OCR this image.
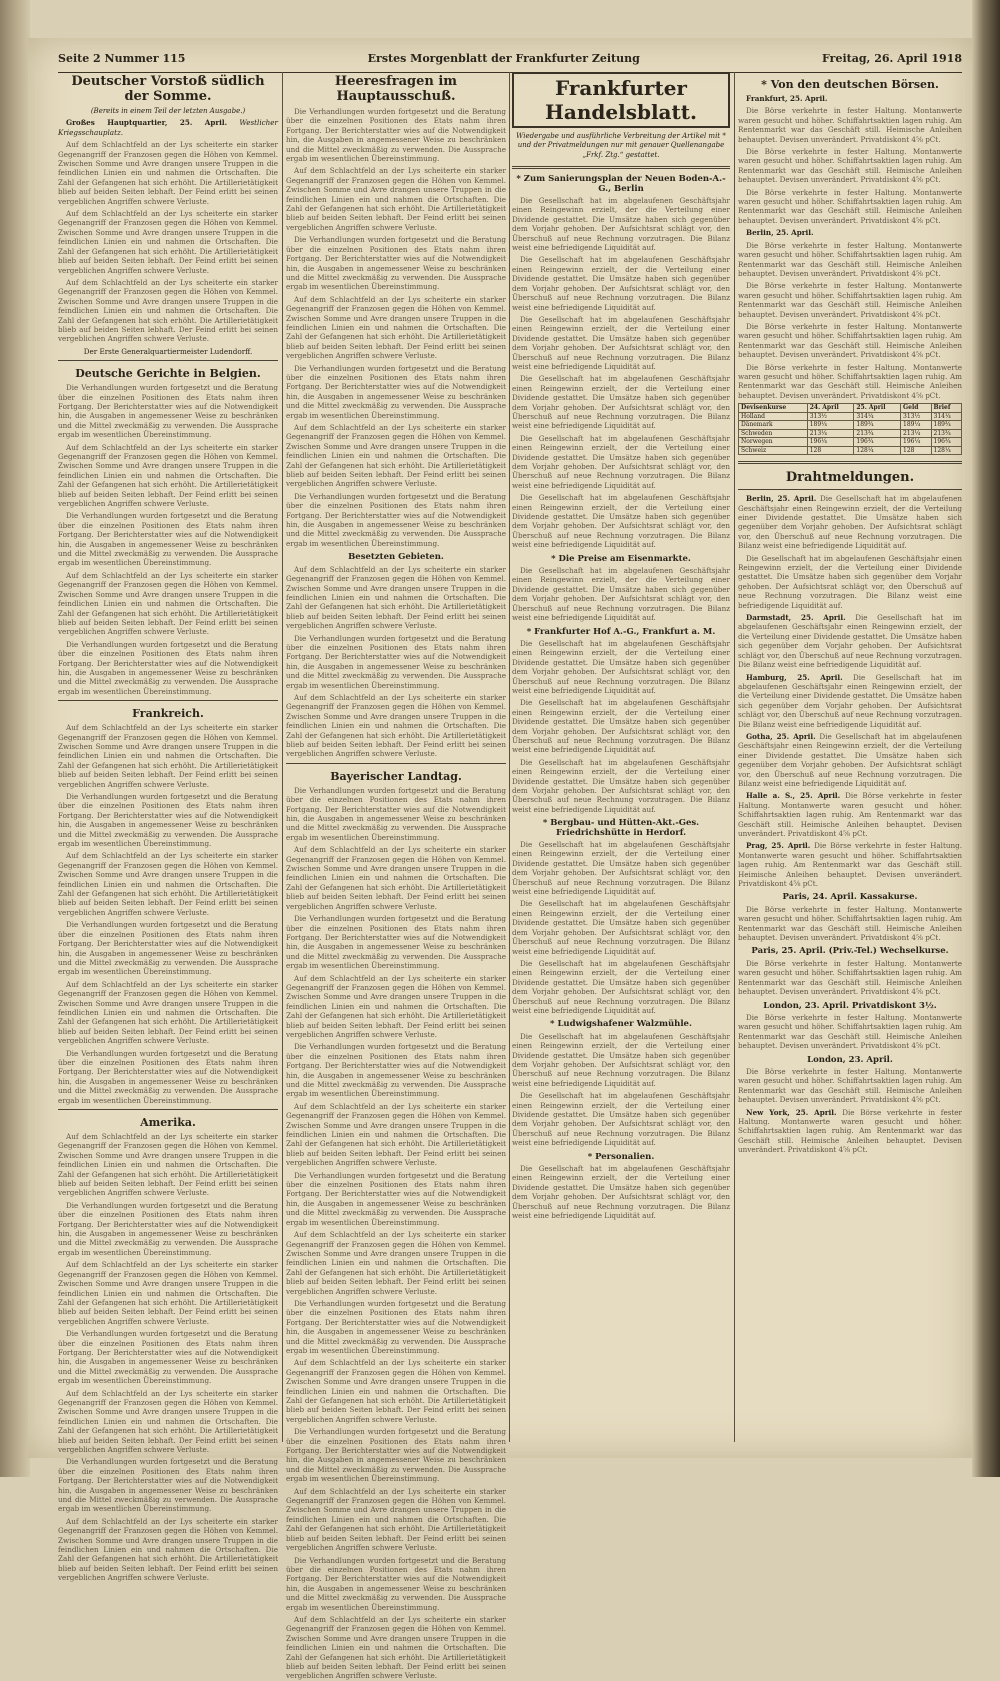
Seite 2 Nummer 115	Erstes Morgenblatt der Frankfurter Zeitung	Freitag, 26. April 1918
Deutscher Vorstoß südlich der Somme.
(Bereits in einem Teil der letzten Ausgabe.)

Großes Hauptquartier, 25. April. Westlicher Kriegsschauplatz.

Auf dem Schlachtfeld an der Lys scheiterte ein starker Gegenangriff der Franzosen gegen die Höhen von Kemmel. Zwischen Somme und Avre drangen unsere Truppen in die feindlichen Linien ein und nahmen die Ortschaften. Die Zahl der Gefangenen hat sich erhöht. Die Artillerietätigkeit blieb auf beiden Seiten lebhaft. Der Feind erlitt bei seinen vergeblichen Angriffen schwere Verluste.

Auf dem Schlachtfeld an der Lys scheiterte ein starker Gegenangriff der Franzosen gegen die Höhen von Kemmel. Zwischen Somme und Avre drangen unsere Truppen in die feindlichen Linien ein und nahmen die Ortschaften. Die Zahl der Gefangenen hat sich erhöht. Die Artillerietätigkeit blieb auf beiden Seiten lebhaft. Der Feind erlitt bei seinen vergeblichen Angriffen schwere Verluste.

Auf dem Schlachtfeld an der Lys scheiterte ein starker Gegenangriff der Franzosen gegen die Höhen von Kemmel. Zwischen Somme und Avre drangen unsere Truppen in die feindlichen Linien ein und nahmen die Ortschaften. Die Zahl der Gefangenen hat sich erhöht. Die Artillerietätigkeit blieb auf beiden Seiten lebhaft. Der Feind erlitt bei seinen vergeblichen Angriffen schwere Verluste.

Der Erste Generalquartiermeister Ludendorff.

Deutsche Gerichte in Belgien.

Die Verhandlungen wurden fortgesetzt und die Beratung über die einzelnen Positionen des Etats nahm ihren Fortgang. Der Berichterstatter wies auf die Notwendigkeit hin, die Ausgaben in angemessener Weise zu beschränken und die Mittel zweckmäßig zu verwenden. Die Aussprache ergab im wesentlichen Übereinstimmung.

Auf dem Schlachtfeld an der Lys scheiterte ein starker Gegenangriff der Franzosen gegen die Höhen von Kemmel. Zwischen Somme und Avre drangen unsere Truppen in die feindlichen Linien ein und nahmen die Ortschaften. Die Zahl der Gefangenen hat sich erhöht. Die Artillerietätigkeit blieb auf beiden Seiten lebhaft. Der Feind erlitt bei seinen vergeblichen Angriffen schwere Verluste.

Die Verhandlungen wurden fortgesetzt und die Beratung über die einzelnen Positionen des Etats nahm ihren Fortgang. Der Berichterstatter wies auf die Notwendigkeit hin, die Ausgaben in angemessener Weise zu beschränken und die Mittel zweckmäßig zu verwenden. Die Aussprache ergab im wesentlichen Übereinstimmung.

Auf dem Schlachtfeld an der Lys scheiterte ein starker Gegenangriff der Franzosen gegen die Höhen von Kemmel. Zwischen Somme und Avre drangen unsere Truppen in die feindlichen Linien ein und nahmen die Ortschaften. Die Zahl der Gefangenen hat sich erhöht. Die Artillerietätigkeit blieb auf beiden Seiten lebhaft. Der Feind erlitt bei seinen vergeblichen Angriffen schwere Verluste.

Die Verhandlungen wurden fortgesetzt und die Beratung über die einzelnen Positionen des Etats nahm ihren Fortgang. Der Berichterstatter wies auf die Notwendigkeit hin, die Ausgaben in angemessener Weise zu beschränken und die Mittel zweckmäßig zu verwenden. Die Aussprache ergab im wesentlichen Übereinstimmung.

Frankreich.

Auf dem Schlachtfeld an der Lys scheiterte ein starker Gegenangriff der Franzosen gegen die Höhen von Kemmel. Zwischen Somme und Avre drangen unsere Truppen in die feindlichen Linien ein und nahmen die Ortschaften. Die Zahl der Gefangenen hat sich erhöht. Die Artillerietätigkeit blieb auf beiden Seiten lebhaft. Der Feind erlitt bei seinen vergeblichen Angriffen schwere Verluste.

Die Verhandlungen wurden fortgesetzt und die Beratung über die einzelnen Positionen des Etats nahm ihren Fortgang. Der Berichterstatter wies auf die Notwendigkeit hin, die Ausgaben in angemessener Weise zu beschränken und die Mittel zweckmäßig zu verwenden. Die Aussprache ergab im wesentlichen Übereinstimmung.

Auf dem Schlachtfeld an der Lys scheiterte ein starker Gegenangriff der Franzosen gegen die Höhen von Kemmel. Zwischen Somme und Avre drangen unsere Truppen in die feindlichen Linien ein und nahmen die Ortschaften. Die Zahl der Gefangenen hat sich erhöht. Die Artillerietätigkeit blieb auf beiden Seiten lebhaft. Der Feind erlitt bei seinen vergeblichen Angriffen schwere Verluste.

Die Verhandlungen wurden fortgesetzt und die Beratung über die einzelnen Positionen des Etats nahm ihren Fortgang. Der Berichterstatter wies auf die Notwendigkeit hin, die Ausgaben in angemessener Weise zu beschränken und die Mittel zweckmäßig zu verwenden. Die Aussprache ergab im wesentlichen Übereinstimmung.

Auf dem Schlachtfeld an der Lys scheiterte ein starker Gegenangriff der Franzosen gegen die Höhen von Kemmel. Zwischen Somme und Avre drangen unsere Truppen in die feindlichen Linien ein und nahmen die Ortschaften. Die Zahl der Gefangenen hat sich erhöht. Die Artillerietätigkeit blieb auf beiden Seiten lebhaft. Der Feind erlitt bei seinen vergeblichen Angriffen schwere Verluste.

Die Verhandlungen wurden fortgesetzt und die Beratung über die einzelnen Positionen des Etats nahm ihren Fortgang. Der Berichterstatter wies auf die Notwendigkeit hin, die Ausgaben in angemessener Weise zu beschränken und die Mittel zweckmäßig zu verwenden. Die Aussprache ergab im wesentlichen Übereinstimmung.

Amerika.

Auf dem Schlachtfeld an der Lys scheiterte ein starker Gegenangriff der Franzosen gegen die Höhen von Kemmel. Zwischen Somme und Avre drangen unsere Truppen in die feindlichen Linien ein und nahmen die Ortschaften. Die Zahl der Gefangenen hat sich erhöht. Die Artillerietätigkeit blieb auf beiden Seiten lebhaft. Der Feind erlitt bei seinen vergeblichen Angriffen schwere Verluste.

Die Verhandlungen wurden fortgesetzt und die Beratung über die einzelnen Positionen des Etats nahm ihren Fortgang. Der Berichterstatter wies auf die Notwendigkeit hin, die Ausgaben in angemessener Weise zu beschränken und die Mittel zweckmäßig zu verwenden. Die Aussprache ergab im wesentlichen Übereinstimmung.

Auf dem Schlachtfeld an der Lys scheiterte ein starker Gegenangriff der Franzosen gegen die Höhen von Kemmel. Zwischen Somme und Avre drangen unsere Truppen in die feindlichen Linien ein und nahmen die Ortschaften. Die Zahl der Gefangenen hat sich erhöht. Die Artillerietätigkeit blieb auf beiden Seiten lebhaft. Der Feind erlitt bei seinen vergeblichen Angriffen schwere Verluste.

Die Verhandlungen wurden fortgesetzt und die Beratung über die einzelnen Positionen des Etats nahm ihren Fortgang. Der Berichterstatter wies auf die Notwendigkeit hin, die Ausgaben in angemessener Weise zu beschränken und die Mittel zweckmäßig zu verwenden. Die Aussprache ergab im wesentlichen Übereinstimmung.

Auf dem Schlachtfeld an der Lys scheiterte ein starker Gegenangriff der Franzosen gegen die Höhen von Kemmel. Zwischen Somme und Avre drangen unsere Truppen in die feindlichen Linien ein und nahmen die Ortschaften. Die Zahl der Gefangenen hat sich erhöht. Die Artillerietätigkeit blieb auf beiden Seiten lebhaft. Der Feind erlitt bei seinen vergeblichen Angriffen schwere Verluste.

Die Verhandlungen wurden fortgesetzt und die Beratung über die einzelnen Positionen des Etats nahm ihren Fortgang. Der Berichterstatter wies auf die Notwendigkeit hin, die Ausgaben in angemessener Weise zu beschränken und die Mittel zweckmäßig zu verwenden. Die Aussprache ergab im wesentlichen Übereinstimmung.

Auf dem Schlachtfeld an der Lys scheiterte ein starker Gegenangriff der Franzosen gegen die Höhen von Kemmel. Zwischen Somme und Avre drangen unsere Truppen in die feindlichen Linien ein und nahmen die Ortschaften. Die Zahl der Gefangenen hat sich erhöht. Die Artillerietätigkeit blieb auf beiden Seiten lebhaft. Der Feind erlitt bei seinen vergeblichen Angriffen schwere Verluste.

Heeresfragen im Hauptausschuß.

Die Verhandlungen wurden fortgesetzt und die Beratung über die einzelnen Positionen des Etats nahm ihren Fortgang. Der Berichterstatter wies auf die Notwendigkeit hin, die Ausgaben in angemessener Weise zu beschränken und die Mittel zweckmäßig zu verwenden. Die Aussprache ergab im wesentlichen Übereinstimmung.

Auf dem Schlachtfeld an der Lys scheiterte ein starker Gegenangriff der Franzosen gegen die Höhen von Kemmel. Zwischen Somme und Avre drangen unsere Truppen in die feindlichen Linien ein und nahmen die Ortschaften. Die Zahl der Gefangenen hat sich erhöht. Die Artillerietätigkeit blieb auf beiden Seiten lebhaft. Der Feind erlitt bei seinen vergeblichen Angriffen schwere Verluste.

Die Verhandlungen wurden fortgesetzt und die Beratung über die einzelnen Positionen des Etats nahm ihren Fortgang. Der Berichterstatter wies auf die Notwendigkeit hin, die Ausgaben in angemessener Weise zu beschränken und die Mittel zweckmäßig zu verwenden. Die Aussprache ergab im wesentlichen Übereinstimmung.

Auf dem Schlachtfeld an der Lys scheiterte ein starker Gegenangriff der Franzosen gegen die Höhen von Kemmel. Zwischen Somme und Avre drangen unsere Truppen in die feindlichen Linien ein und nahmen die Ortschaften. Die Zahl der Gefangenen hat sich erhöht. Die Artillerietätigkeit blieb auf beiden Seiten lebhaft. Der Feind erlitt bei seinen vergeblichen Angriffen schwere Verluste.

Die Verhandlungen wurden fortgesetzt und die Beratung über die einzelnen Positionen des Etats nahm ihren Fortgang. Der Berichterstatter wies auf die Notwendigkeit hin, die Ausgaben in angemessener Weise zu beschränken und die Mittel zweckmäßig zu verwenden. Die Aussprache ergab im wesentlichen Übereinstimmung.

Auf dem Schlachtfeld an der Lys scheiterte ein starker Gegenangriff der Franzosen gegen die Höhen von Kemmel. Zwischen Somme und Avre drangen unsere Truppen in die feindlichen Linien ein und nahmen die Ortschaften. Die Zahl der Gefangenen hat sich erhöht. Die Artillerietätigkeit blieb auf beiden Seiten lebhaft. Der Feind erlitt bei seinen vergeblichen Angriffen schwere Verluste.

Die Verhandlungen wurden fortgesetzt und die Beratung über die einzelnen Positionen des Etats nahm ihren Fortgang. Der Berichterstatter wies auf die Notwendigkeit hin, die Ausgaben in angemessener Weise zu beschränken und die Mittel zweckmäßig zu verwenden. Die Aussprache ergab im wesentlichen Übereinstimmung.

Besetzten Gebieten.

Auf dem Schlachtfeld an der Lys scheiterte ein starker Gegenangriff der Franzosen gegen die Höhen von Kemmel. Zwischen Somme und Avre drangen unsere Truppen in die feindlichen Linien ein und nahmen die Ortschaften. Die Zahl der Gefangenen hat sich erhöht. Die Artillerietätigkeit blieb auf beiden Seiten lebhaft. Der Feind erlitt bei seinen vergeblichen Angriffen schwere Verluste.

Die Verhandlungen wurden fortgesetzt und die Beratung über die einzelnen Positionen des Etats nahm ihren Fortgang. Der Berichterstatter wies auf die Notwendigkeit hin, die Ausgaben in angemessener Weise zu beschränken und die Mittel zweckmäßig zu verwenden. Die Aussprache ergab im wesentlichen Übereinstimmung.

Auf dem Schlachtfeld an der Lys scheiterte ein starker Gegenangriff der Franzosen gegen die Höhen von Kemmel. Zwischen Somme und Avre drangen unsere Truppen in die feindlichen Linien ein und nahmen die Ortschaften. Die Zahl der Gefangenen hat sich erhöht. Die Artillerietätigkeit blieb auf beiden Seiten lebhaft. Der Feind erlitt bei seinen vergeblichen Angriffen schwere Verluste.

Bayerischer Landtag.

Die Verhandlungen wurden fortgesetzt und die Beratung über die einzelnen Positionen des Etats nahm ihren Fortgang. Der Berichterstatter wies auf die Notwendigkeit hin, die Ausgaben in angemessener Weise zu beschränken und die Mittel zweckmäßig zu verwenden. Die Aussprache ergab im wesentlichen Übereinstimmung.

Auf dem Schlachtfeld an der Lys scheiterte ein starker Gegenangriff der Franzosen gegen die Höhen von Kemmel. Zwischen Somme und Avre drangen unsere Truppen in die feindlichen Linien ein und nahmen die Ortschaften. Die Zahl der Gefangenen hat sich erhöht. Die Artillerietätigkeit blieb auf beiden Seiten lebhaft. Der Feind erlitt bei seinen vergeblichen Angriffen schwere Verluste.

Die Verhandlungen wurden fortgesetzt und die Beratung über die einzelnen Positionen des Etats nahm ihren Fortgang. Der Berichterstatter wies auf die Notwendigkeit hin, die Ausgaben in angemessener Weise zu beschränken und die Mittel zweckmäßig zu verwenden. Die Aussprache ergab im wesentlichen Übereinstimmung.

Auf dem Schlachtfeld an der Lys scheiterte ein starker Gegenangriff der Franzosen gegen die Höhen von Kemmel. Zwischen Somme und Avre drangen unsere Truppen in die feindlichen Linien ein und nahmen die Ortschaften. Die Zahl der Gefangenen hat sich erhöht. Die Artillerietätigkeit blieb auf beiden Seiten lebhaft. Der Feind erlitt bei seinen vergeblichen Angriffen schwere Verluste.

Die Verhandlungen wurden fortgesetzt und die Beratung über die einzelnen Positionen des Etats nahm ihren Fortgang. Der Berichterstatter wies auf die Notwendigkeit hin, die Ausgaben in angemessener Weise zu beschränken und die Mittel zweckmäßig zu verwenden. Die Aussprache ergab im wesentlichen Übereinstimmung.

Auf dem Schlachtfeld an der Lys scheiterte ein starker Gegenangriff der Franzosen gegen die Höhen von Kemmel. Zwischen Somme und Avre drangen unsere Truppen in die feindlichen Linien ein und nahmen die Ortschaften. Die Zahl der Gefangenen hat sich erhöht. Die Artillerietätigkeit blieb auf beiden Seiten lebhaft. Der Feind erlitt bei seinen vergeblichen Angriffen schwere Verluste.

Die Verhandlungen wurden fortgesetzt und die Beratung über die einzelnen Positionen des Etats nahm ihren Fortgang. Der Berichterstatter wies auf die Notwendigkeit hin, die Ausgaben in angemessener Weise zu beschränken und die Mittel zweckmäßig zu verwenden. Die Aussprache ergab im wesentlichen Übereinstimmung.

Auf dem Schlachtfeld an der Lys scheiterte ein starker Gegenangriff der Franzosen gegen die Höhen von Kemmel. Zwischen Somme und Avre drangen unsere Truppen in die feindlichen Linien ein und nahmen die Ortschaften. Die Zahl der Gefangenen hat sich erhöht. Die Artillerietätigkeit blieb auf beiden Seiten lebhaft. Der Feind erlitt bei seinen vergeblichen Angriffen schwere Verluste.

Die Verhandlungen wurden fortgesetzt und die Beratung über die einzelnen Positionen des Etats nahm ihren Fortgang. Der Berichterstatter wies auf die Notwendigkeit hin, die Ausgaben in angemessener Weise zu beschränken und die Mittel zweckmäßig zu verwenden. Die Aussprache ergab im wesentlichen Übereinstimmung.

Auf dem Schlachtfeld an der Lys scheiterte ein starker Gegenangriff der Franzosen gegen die Höhen von Kemmel. Zwischen Somme und Avre drangen unsere Truppen in die feindlichen Linien ein und nahmen die Ortschaften. Die Zahl der Gefangenen hat sich erhöht. Die Artillerietätigkeit blieb auf beiden Seiten lebhaft. Der Feind erlitt bei seinen vergeblichen Angriffen schwere Verluste.

Die Verhandlungen wurden fortgesetzt und die Beratung über die einzelnen Positionen des Etats nahm ihren Fortgang. Der Berichterstatter wies auf die Notwendigkeit hin, die Ausgaben in angemessener Weise zu beschränken und die Mittel zweckmäßig zu verwenden. Die Aussprache ergab im wesentlichen Übereinstimmung.

Auf dem Schlachtfeld an der Lys scheiterte ein starker Gegenangriff der Franzosen gegen die Höhen von Kemmel. Zwischen Somme und Avre drangen unsere Truppen in die feindlichen Linien ein und nahmen die Ortschaften. Die Zahl der Gefangenen hat sich erhöht. Die Artillerietätigkeit blieb auf beiden Seiten lebhaft. Der Feind erlitt bei seinen vergeblichen Angriffen schwere Verluste.

Die Verhandlungen wurden fortgesetzt und die Beratung über die einzelnen Positionen des Etats nahm ihren Fortgang. Der Berichterstatter wies auf die Notwendigkeit hin, die Ausgaben in angemessener Weise zu beschränken und die Mittel zweckmäßig zu verwenden. Die Aussprache ergab im wesentlichen Übereinstimmung.

Auf dem Schlachtfeld an der Lys scheiterte ein starker Gegenangriff der Franzosen gegen die Höhen von Kemmel. Zwischen Somme und Avre drangen unsere Truppen in die feindlichen Linien ein und nahmen die Ortschaften. Die Zahl der Gefangenen hat sich erhöht. Die Artillerietätigkeit blieb auf beiden Seiten lebhaft. Der Feind erlitt bei seinen vergeblichen Angriffen schwere Verluste.

Frankfurter Handelsblatt.
Wiedergabe und ausführliche Verbreitung der Artikel mit * und der Privatmeldungen nur mit genauer Quellenangabe „Frkf. Ztg.“ gestattet.
* Zum Sanierungsplan der Neuen Boden-A.-G., Berlin

Die Gesellschaft hat im abgelaufenen Geschäftsjahr einen Reingewinn erzielt, der die Verteilung einer Dividende gestattet. Die Umsätze haben sich gegenüber dem Vorjahr gehoben. Der Aufsichtsrat schlägt vor, den Überschuß auf neue Rechnung vorzutragen. Die Bilanz weist eine befriedigende Liquidität auf.

Die Gesellschaft hat im abgelaufenen Geschäftsjahr einen Reingewinn erzielt, der die Verteilung einer Dividende gestattet. Die Umsätze haben sich gegenüber dem Vorjahr gehoben. Der Aufsichtsrat schlägt vor, den Überschuß auf neue Rechnung vorzutragen. Die Bilanz weist eine befriedigende Liquidität auf.

Die Gesellschaft hat im abgelaufenen Geschäftsjahr einen Reingewinn erzielt, der die Verteilung einer Dividende gestattet. Die Umsätze haben sich gegenüber dem Vorjahr gehoben. Der Aufsichtsrat schlägt vor, den Überschuß auf neue Rechnung vorzutragen. Die Bilanz weist eine befriedigende Liquidität auf.

Die Gesellschaft hat im abgelaufenen Geschäftsjahr einen Reingewinn erzielt, der die Verteilung einer Dividende gestattet. Die Umsätze haben sich gegenüber dem Vorjahr gehoben. Der Aufsichtsrat schlägt vor, den Überschuß auf neue Rechnung vorzutragen. Die Bilanz weist eine befriedigende Liquidität auf.

Die Gesellschaft hat im abgelaufenen Geschäftsjahr einen Reingewinn erzielt, der die Verteilung einer Dividende gestattet. Die Umsätze haben sich gegenüber dem Vorjahr gehoben. Der Aufsichtsrat schlägt vor, den Überschuß auf neue Rechnung vorzutragen. Die Bilanz weist eine befriedigende Liquidität auf.

Die Gesellschaft hat im abgelaufenen Geschäftsjahr einen Reingewinn erzielt, der die Verteilung einer Dividende gestattet. Die Umsätze haben sich gegenüber dem Vorjahr gehoben. Der Aufsichtsrat schlägt vor, den Überschuß auf neue Rechnung vorzutragen. Die Bilanz weist eine befriedigende Liquidität auf.

* Die Preise am Eisenmarkte.

Die Gesellschaft hat im abgelaufenen Geschäftsjahr einen Reingewinn erzielt, der die Verteilung einer Dividende gestattet. Die Umsätze haben sich gegenüber dem Vorjahr gehoben. Der Aufsichtsrat schlägt vor, den Überschuß auf neue Rechnung vorzutragen. Die Bilanz weist eine befriedigende Liquidität auf.

* Frankfurter Hof A.-G., Frankfurt a. M.

Die Gesellschaft hat im abgelaufenen Geschäftsjahr einen Reingewinn erzielt, der die Verteilung einer Dividende gestattet. Die Umsätze haben sich gegenüber dem Vorjahr gehoben. Der Aufsichtsrat schlägt vor, den Überschuß auf neue Rechnung vorzutragen. Die Bilanz weist eine befriedigende Liquidität auf.

Die Gesellschaft hat im abgelaufenen Geschäftsjahr einen Reingewinn erzielt, der die Verteilung einer Dividende gestattet. Die Umsätze haben sich gegenüber dem Vorjahr gehoben. Der Aufsichtsrat schlägt vor, den Überschuß auf neue Rechnung vorzutragen. Die Bilanz weist eine befriedigende Liquidität auf.

Die Gesellschaft hat im abgelaufenen Geschäftsjahr einen Reingewinn erzielt, der die Verteilung einer Dividende gestattet. Die Umsätze haben sich gegenüber dem Vorjahr gehoben. Der Aufsichtsrat schlägt vor, den Überschuß auf neue Rechnung vorzutragen. Die Bilanz weist eine befriedigende Liquidität auf.

* Bergbau- und Hütten-Akt.-Ges. Friedrichshütte in Herdorf.

Die Gesellschaft hat im abgelaufenen Geschäftsjahr einen Reingewinn erzielt, der die Verteilung einer Dividende gestattet. Die Umsätze haben sich gegenüber dem Vorjahr gehoben. Der Aufsichtsrat schlägt vor, den Überschuß auf neue Rechnung vorzutragen. Die Bilanz weist eine befriedigende Liquidität auf.

Die Gesellschaft hat im abgelaufenen Geschäftsjahr einen Reingewinn erzielt, der die Verteilung einer Dividende gestattet. Die Umsätze haben sich gegenüber dem Vorjahr gehoben. Der Aufsichtsrat schlägt vor, den Überschuß auf neue Rechnung vorzutragen. Die Bilanz weist eine befriedigende Liquidität auf.

Die Gesellschaft hat im abgelaufenen Geschäftsjahr einen Reingewinn erzielt, der die Verteilung einer Dividende gestattet. Die Umsätze haben sich gegenüber dem Vorjahr gehoben. Der Aufsichtsrat schlägt vor, den Überschuß auf neue Rechnung vorzutragen. Die Bilanz weist eine befriedigende Liquidität auf.

* Ludwigshafener Walzmühle.

Die Gesellschaft hat im abgelaufenen Geschäftsjahr einen Reingewinn erzielt, der die Verteilung einer Dividende gestattet. Die Umsätze haben sich gegenüber dem Vorjahr gehoben. Der Aufsichtsrat schlägt vor, den Überschuß auf neue Rechnung vorzutragen. Die Bilanz weist eine befriedigende Liquidität auf.

Die Gesellschaft hat im abgelaufenen Geschäftsjahr einen Reingewinn erzielt, der die Verteilung einer Dividende gestattet. Die Umsätze haben sich gegenüber dem Vorjahr gehoben. Der Aufsichtsrat schlägt vor, den Überschuß auf neue Rechnung vorzutragen. Die Bilanz weist eine befriedigende Liquidität auf.

* Personalien.

Die Gesellschaft hat im abgelaufenen Geschäftsjahr einen Reingewinn erzielt, der die Verteilung einer Dividende gestattet. Die Umsätze haben sich gegenüber dem Vorjahr gehoben. Der Aufsichtsrat schlägt vor, den Überschuß auf neue Rechnung vorzutragen. Die Bilanz weist eine befriedigende Liquidität auf.

* Von den deutschen Börsen.

Frankfurt, 25. April.

Die Börse verkehrte in fester Haltung. Montanwerte waren gesucht und höher. Schiffahrtsaktien lagen ruhig. Am Rentenmarkt war das Geschäft still. Heimische Anleihen behauptet. Devisen unverändert. Privatdiskont 4⅝ pCt.

Die Börse verkehrte in fester Haltung. Montanwerte waren gesucht und höher. Schiffahrtsaktien lagen ruhig. Am Rentenmarkt war das Geschäft still. Heimische Anleihen behauptet. Devisen unverändert. Privatdiskont 4⅝ pCt.

Die Börse verkehrte in fester Haltung. Montanwerte waren gesucht und höher. Schiffahrtsaktien lagen ruhig. Am Rentenmarkt war das Geschäft still. Heimische Anleihen behauptet. Devisen unverändert. Privatdiskont 4⅝ pCt.

Berlin, 25. April.

Die Börse verkehrte in fester Haltung. Montanwerte waren gesucht und höher. Schiffahrtsaktien lagen ruhig. Am Rentenmarkt war das Geschäft still. Heimische Anleihen behauptet. Devisen unverändert. Privatdiskont 4⅝ pCt.

Die Börse verkehrte in fester Haltung. Montanwerte waren gesucht und höher. Schiffahrtsaktien lagen ruhig. Am Rentenmarkt war das Geschäft still. Heimische Anleihen behauptet. Devisen unverändert. Privatdiskont 4⅝ pCt.

Die Börse verkehrte in fester Haltung. Montanwerte waren gesucht und höher. Schiffahrtsaktien lagen ruhig. Am Rentenmarkt war das Geschäft still. Heimische Anleihen behauptet. Devisen unverändert. Privatdiskont 4⅝ pCt.

Die Börse verkehrte in fester Haltung. Montanwerte waren gesucht und höher. Schiffahrtsaktien lagen ruhig. Am Rentenmarkt war das Geschäft still. Heimische Anleihen behauptet. Devisen unverändert. Privatdiskont 4⅝ pCt.

Devisenkurse	24. April	25. April	Geld	Brief
Holland	313½	314¼	313½	314¼
Dänemark	189¼	189¾	189¼	189¾
Schweden	213¼	213¾	213¼	213¾
Norwegen	196¼	196¾	196¼	196¾
Schweiz	128	128¼	128	128¼
Drahtmeldungen.

Berlin, 25. April. Die Gesellschaft hat im abgelaufenen Geschäftsjahr einen Reingewinn erzielt, der die Verteilung einer Dividende gestattet. Die Umsätze haben sich gegenüber dem Vorjahr gehoben. Der Aufsichtsrat schlägt vor, den Überschuß auf neue Rechnung vorzutragen. Die Bilanz weist eine befriedigende Liquidität auf.

Die Gesellschaft hat im abgelaufenen Geschäftsjahr einen Reingewinn erzielt, der die Verteilung einer Dividende gestattet. Die Umsätze haben sich gegenüber dem Vorjahr gehoben. Der Aufsichtsrat schlägt vor, den Überschuß auf neue Rechnung vorzutragen. Die Bilanz weist eine befriedigende Liquidität auf.

Darmstadt, 25. April. Die Gesellschaft hat im abgelaufenen Geschäftsjahr einen Reingewinn erzielt, der die Verteilung einer Dividende gestattet. Die Umsätze haben sich gegenüber dem Vorjahr gehoben. Der Aufsichtsrat schlägt vor, den Überschuß auf neue Rechnung vorzutragen. Die Bilanz weist eine befriedigende Liquidität auf.

Hamburg, 25. April. Die Gesellschaft hat im abgelaufenen Geschäftsjahr einen Reingewinn erzielt, der die Verteilung einer Dividende gestattet. Die Umsätze haben sich gegenüber dem Vorjahr gehoben. Der Aufsichtsrat schlägt vor, den Überschuß auf neue Rechnung vorzutragen. Die Bilanz weist eine befriedigende Liquidität auf.

Gotha, 25. April. Die Gesellschaft hat im abgelaufenen Geschäftsjahr einen Reingewinn erzielt, der die Verteilung einer Dividende gestattet. Die Umsätze haben sich gegenüber dem Vorjahr gehoben. Der Aufsichtsrat schlägt vor, den Überschuß auf neue Rechnung vorzutragen. Die Bilanz weist eine befriedigende Liquidität auf.

Halle a. S., 25. April. Die Börse verkehrte in fester Haltung. Montanwerte waren gesucht und höher. Schiffahrtsaktien lagen ruhig. Am Rentenmarkt war das Geschäft still. Heimische Anleihen behauptet. Devisen unverändert. Privatdiskont 4⅝ pCt.

Prag, 25. April. Die Börse verkehrte in fester Haltung. Montanwerte waren gesucht und höher. Schiffahrtsaktien lagen ruhig. Am Rentenmarkt war das Geschäft still. Heimische Anleihen behauptet. Devisen unverändert. Privatdiskont 4⅝ pCt.

Paris, 24. April. Kassakurse.

Die Börse verkehrte in fester Haltung. Montanwerte waren gesucht und höher. Schiffahrtsaktien lagen ruhig. Am Rentenmarkt war das Geschäft still. Heimische Anleihen behauptet. Devisen unverändert. Privatdiskont 4⅝ pCt.

Paris, 25. April. (Priv.-Tel.) Wechselkurse.

Die Börse verkehrte in fester Haltung. Montanwerte waren gesucht und höher. Schiffahrtsaktien lagen ruhig. Am Rentenmarkt war das Geschäft still. Heimische Anleihen behauptet. Devisen unverändert. Privatdiskont 4⅝ pCt.

London, 23. April. Privatdiskont 3½.

Die Börse verkehrte in fester Haltung. Montanwerte waren gesucht und höher. Schiffahrtsaktien lagen ruhig. Am Rentenmarkt war das Geschäft still. Heimische Anleihen behauptet. Devisen unverändert. Privatdiskont 4⅝ pCt.

London, 23. April.

Die Börse verkehrte in fester Haltung. Montanwerte waren gesucht und höher. Schiffahrtsaktien lagen ruhig. Am Rentenmarkt war das Geschäft still. Heimische Anleihen behauptet. Devisen unverändert. Privatdiskont 4⅝ pCt.

New York, 25. April. Die Börse verkehrte in fester Haltung. Montanwerte waren gesucht und höher. Schiffahrtsaktien lagen ruhig. Am Rentenmarkt war das Geschäft still. Heimische Anleihen behauptet. Devisen unverändert. Privatdiskont 4⅝ pCt.
